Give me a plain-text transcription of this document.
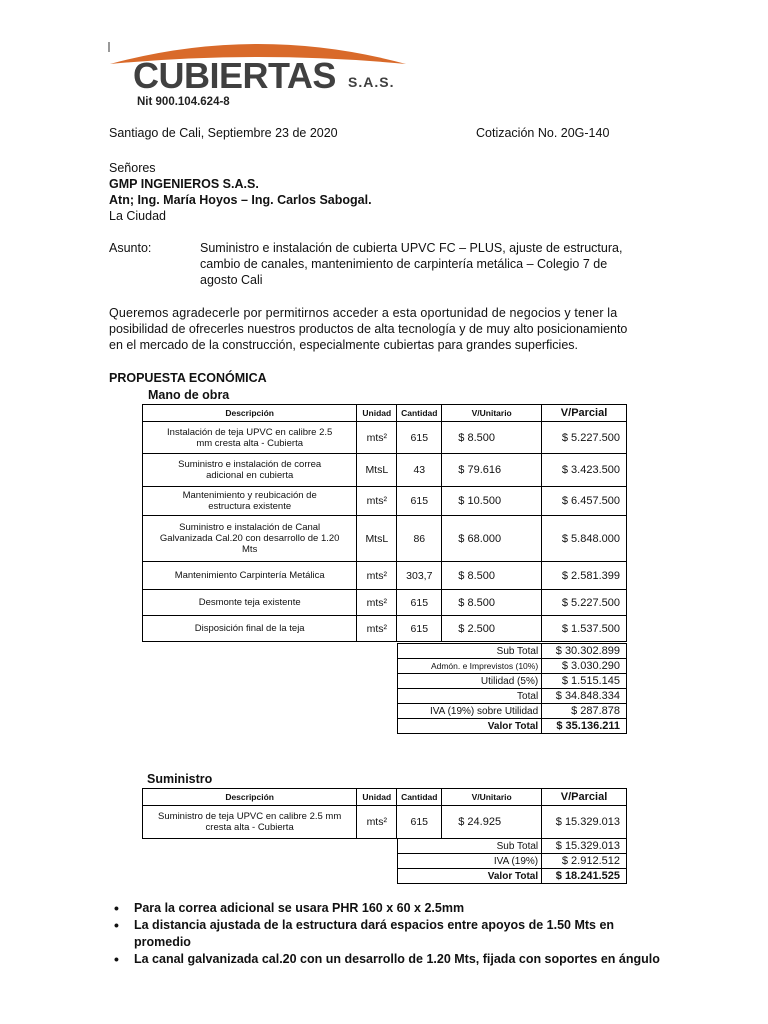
CUBIERTAS S.A.S.
Nit 900.104.624-8
Santiago de Cali, Septiembre 23 de 2020	Cotización No. 20G-140
Señores
GMP INGENIEROS S.A.S.
Atn; Ing. María Hoyos – Ing. Carlos Sabogal.
La Ciudad
Asunto:	Suministro e instalación de cubierta UPVC FC – PLUS, ajuste de estructura,
cambio de canales, mantenimiento de carpintería metálica – Colegio 7 de
agosto Cali
Queremos agradecerle por permitirnos acceder a esta oportunidad de negocios y tener la
posibilidad de ofrecerles nuestros productos de alta tecnología y de muy alto posicionamiento
en el mercado de la construcción, especialmente cubiertas para grandes superficies.
PROPUESTA ECONÓMICA
Mano de obra
Descripción	Unidad	Cantidad	V/Unitario	V/Parcial
Instalación de teja UPVC en calibre 2.5
mm cresta alta - Cubierta	mts²	615	$ 8.500	$ 5.227.500
Suministro e instalación de correa
adicional en cubierta	MtsL	43	$ 79.616	$ 3.423.500
Mantenimiento y reubicación de
estructura existente	mts²	615	$ 10.500	$ 6.457.500
Suministro e instalación de Canal
Galvanizada Cal.20 con desarrollo de 1.20
Mts	MtsL	86	$ 68.000	$ 5.848.000
Mantenimiento Carpintería Metálica	mts²	303,7	$ 8.500	$ 2.581.399
Desmonte teja existente	mts²	615	$ 8.500	$ 5.227.500
Disposición final de la teja	mts²	615	$ 2.500	$ 1.537.500
Sub Total	$ 30.302.899
Admón. e Imprevistos (10%)	$ 3.030.290
Utilidad (5%)	$ 1.515.145
Total	$ 34.848.334
IVA (19%) sobre Utilidad	$ 287.878
Valor Total	$ 35.136.211
Suministro
Descripción	Unidad	Cantidad	V/Unitario	V/Parcial
Suministro de teja UPVC en calibre 2.5 mm
cresta alta - Cubierta	mts²	615	$ 24.925	$ 15.329.013
Sub Total	$ 15.329.013
IVA (19%)	$ 2.912.512
Valor Total	$ 18.241.525
• Para la correa adicional se usara PHR 160 x 60 x 2.5mm
• La distancia ajustada de la estructura dará espacios entre apoyos de 1.50 Mts en promedio
• La canal galvanizada cal.20 con un desarrollo de 1.20 Mts, fijada con soportes en ángulo
